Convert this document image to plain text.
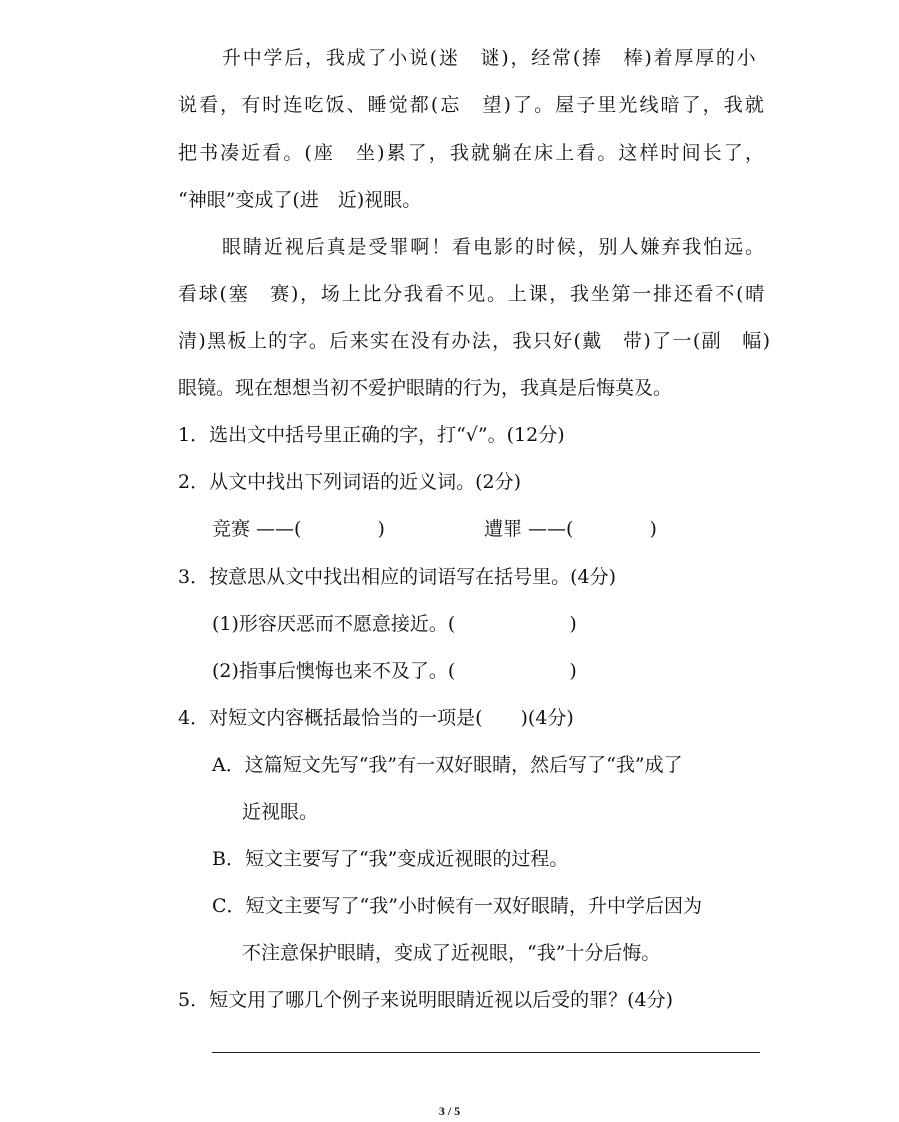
升中学后，我成了小说(迷　谜)，经常(捧　棒)着厚厚的小
说看，有时连吃饭、睡觉都(忘　望)了。屋子里光线暗了，我就
把书凑近看。(座　坐)累了，我就躺在床上看。这样时间长了，
“神眼”变成了(进　近)视眼。
眼睛近视后真是受罪啊！看电影的时候，别人嫌弃我怕远。
看球(塞　赛)，场上比分我看不见。上课，我坐第一排还看不(晴
清)黑板上的字。后来实在没有办法，我只好(戴　带)了一(副　幅)
眼镜。现在想想当初不爱护眼睛的行为，我真是后悔莫及。
1．选出文中括号里正确的字，打“√”。(12分)
2．从文中找出下列词语的近义词。(2分)
竞赛 ——(　　　　)	遭罪 ——(　　　　)
3．按意思从文中找出相应的词语写在括号里。(4分)
(1)形容厌恶而不愿意接近。(　　　　　　)
(2)指事后懊悔也来不及了。(　　　　　　)
4．对短文内容概括最恰当的一项是(　　)(4分)
A．这篇短文先写“我”有一双好眼睛，然后写了“我”成了
近视眼。
B．短文主要写了“我”变成近视眼的过程。
C．短文主要写了“我”小时候有一双好眼睛，升中学后因为
不注意保护眼睛，变成了近视眼，“我”十分后悔。
5．短文用了哪几个例子来说明眼睛近视以后受的罪？(4分)
3 / 5
